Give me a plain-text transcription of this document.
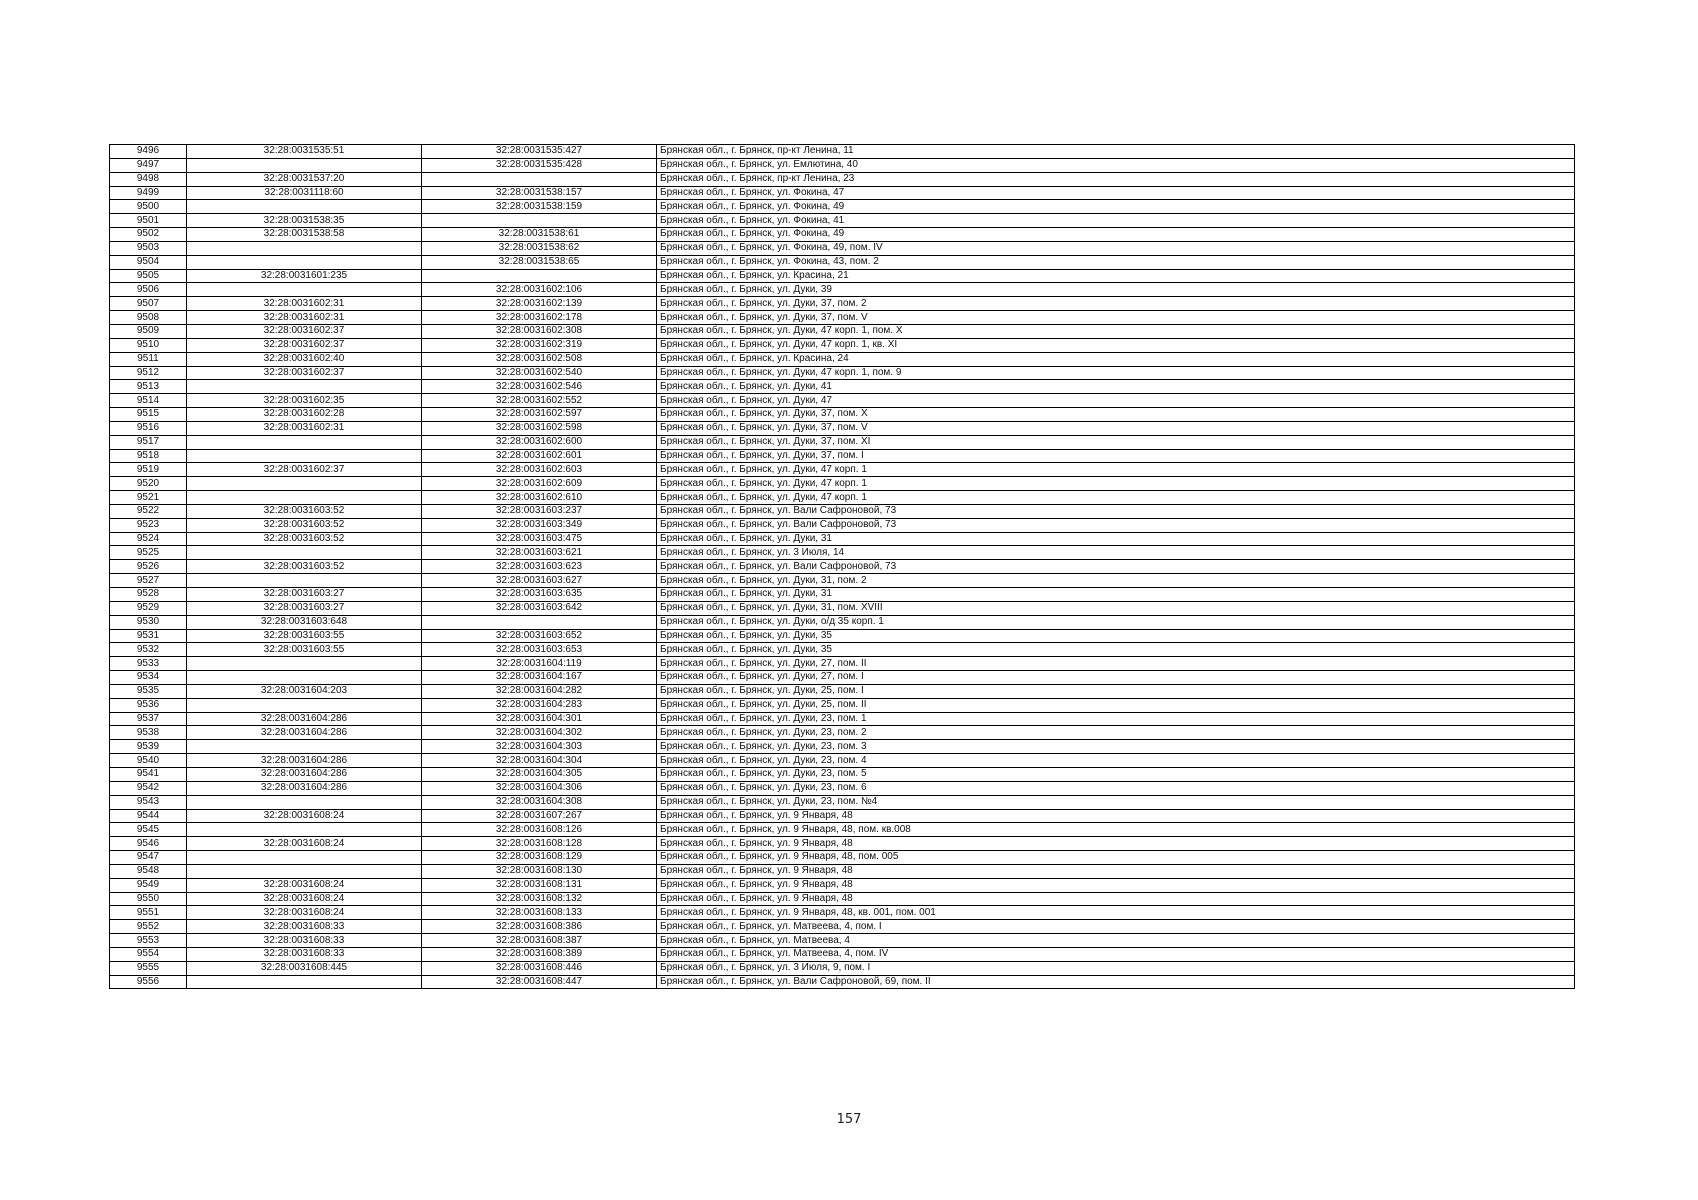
9496	32:28:0031535:51	32:28:0031535:427	Брянская обл., г. Брянск, пр-кт Ленина, 11
9497		32:28:0031535:428	Брянская обл., г. Брянск, ул. Емлютина, 40
9498	32:28:0031537:20		Брянская обл., г. Брянск, пр-кт Ленина, 23
9499	32:28:0031118:60	32:28:0031538:157	Брянская обл., г. Брянск, ул. Фокина, 47
9500		32:28:0031538:159	Брянская обл., г. Брянск, ул. Фокина, 49
9501	32:28:0031538:35		Брянская обл., г. Брянск, ул. Фокина, 41
9502	32:28:0031538:58	32:28:0031538:61	Брянская обл., г. Брянск, ул. Фокина, 49
9503		32:28:0031538:62	Брянская обл., г. Брянск, ул. Фокина, 49, пом. IV
9504		32:28:0031538:65	Брянская обл., г. Брянск, ул. Фокина, 43, пом. 2
9505	32:28:0031601:235		Брянская обл., г. Брянск, ул. Красина, 21
9506		32:28:0031602:106	Брянская обл., г. Брянск, ул. Дуки, 39
9507	32:28:0031602:31	32:28:0031602:139	Брянская обл., г. Брянск, ул. Дуки, 37, пом. 2
9508	32:28:0031602:31	32:28:0031602:178	Брянская обл., г. Брянск, ул. Дуки, 37, пом. V
9509	32:28:0031602:37	32:28:0031602:308	Брянская обл., г. Брянск, ул. Дуки, 47 корп. 1, пом. X
9510	32:28:0031602:37	32:28:0031602:319	Брянская обл., г. Брянск, ул. Дуки, 47 корп. 1, кв. XI
9511	32:28:0031602:40	32:28:0031602:508	Брянская обл., г. Брянск, ул. Красина, 24
9512	32:28:0031602:37	32:28:0031602:540	Брянская обл., г. Брянск, ул. Дуки, 47 корп. 1, пом. 9
9513		32:28:0031602:546	Брянская обл., г. Брянск, ул. Дуки, 41
9514	32:28:0031602:35	32:28:0031602:552	Брянская обл., г. Брянск, ул. Дуки, 47
9515	32:28:0031602:28	32:28:0031602:597	Брянская обл., г. Брянск, ул. Дуки, 37, пом. X
9516	32:28:0031602:31	32:28:0031602:598	Брянская обл., г. Брянск, ул. Дуки, 37, пом. V
9517		32:28:0031602:600	Брянская обл., г. Брянск, ул. Дуки, 37, пом. XI
9518		32:28:0031602:601	Брянская обл., г. Брянск, ул. Дуки, 37, пом. I
9519	32:28:0031602:37	32:28:0031602:603	Брянская обл., г. Брянск, ул. Дуки, 47 корп. 1
9520		32:28:0031602:609	Брянская обл., г. Брянск, ул. Дуки, 47 корп. 1
9521		32:28:0031602:610	Брянская обл., г. Брянск, ул. Дуки, 47 корп. 1
9522	32:28:0031603:52	32:28:0031603:237	Брянская обл., г. Брянск, ул. Вали Сафроновой, 73
9523	32:28:0031603:52	32:28:0031603:349	Брянская обл., г. Брянск, ул. Вали Сафроновой, 73
9524	32:28:0031603:52	32:28:0031603:475	Брянская обл., г. Брянск, ул. Дуки, 31
9525		32:28:0031603:621	Брянская обл., г. Брянск, ул. 3 Июля, 14
9526	32:28:0031603:52	32:28:0031603:623	Брянская обл., г. Брянск, ул. Вали Сафроновой, 73
9527		32:28:0031603:627	Брянская обл., г. Брянск, ул. Дуки, 31, пом. 2
9528	32:28:0031603:27	32:28:0031603:635	Брянская обл., г. Брянск, ул. Дуки, 31
9529	32:28:0031603:27	32:28:0031603:642	Брянская обл., г. Брянск, ул. Дуки, 31, пом. XVIII
9530	32:28:0031603:648		Брянская обл., г. Брянск, ул. Дуки, о/д 35 корп. 1
9531	32:28:0031603:55	32:28:0031603:652	Брянская обл., г. Брянск, ул. Дуки, 35
9532	32:28:0031603:55	32:28:0031603:653	Брянская обл., г. Брянск, ул. Дуки, 35
9533		32:28:0031604:119	Брянская обл., г. Брянск, ул. Дуки, 27, пом. II
9534		32:28:0031604:167	Брянская обл., г. Брянск, ул. Дуки, 27, пом. I
9535	32:28:0031604:203	32:28:0031604:282	Брянская обл., г. Брянск, ул. Дуки, 25, пом. I
9536		32:28:0031604:283	Брянская обл., г. Брянск, ул. Дуки, 25, пом. II
9537	32:28:0031604:286	32:28:0031604:301	Брянская обл., г. Брянск, ул. Дуки, 23, пом. 1
9538	32:28:0031604:286	32:28:0031604:302	Брянская обл., г. Брянск, ул. Дуки, 23, пом. 2
9539		32:28:0031604:303	Брянская обл., г. Брянск, ул. Дуки, 23, пом. 3
9540	32:28:0031604:286	32:28:0031604:304	Брянская обл., г. Брянск, ул. Дуки, 23, пом. 4
9541	32:28:0031604:286	32:28:0031604:305	Брянская обл., г. Брянск, ул. Дуки, 23, пом. 5
9542	32:28:0031604:286	32:28:0031604:306	Брянская обл., г. Брянск, ул. Дуки, 23, пом. 6
9543		32:28:0031604:308	Брянская обл., г. Брянск, ул. Дуки, 23, пом. №4
9544	32:28:0031608:24	32:28:0031607:267	Брянская обл., г. Брянск, ул. 9 Января, 48
9545		32:28:0031608:126	Брянская обл., г. Брянск, ул. 9 Января, 48, пом. кв.008
9546	32:28:0031608:24	32:28:0031608:128	Брянская обл., г. Брянск, ул. 9 Января, 48
9547		32:28:0031608:129	Брянская обл., г. Брянск, ул. 9 Января, 48, пом. 005
9548		32:28:0031608:130	Брянская обл., г. Брянск, ул. 9 Января, 48
9549	32:28:0031608:24	32:28:0031608:131	Брянская обл., г. Брянск, ул. 9 Января, 48
9550	32:28:0031608:24	32:28:0031608:132	Брянская обл., г. Брянск, ул. 9 Января, 48
9551	32:28:0031608:24	32:28:0031608:133	Брянская обл., г. Брянск, ул. 9 Января, 48, кв. 001, пом. 001
9552	32:28:0031608:33	32:28:0031608:386	Брянская обл., г. Брянск, ул. Матвеева, 4, пом. I
9553	32:28:0031608:33	32:28:0031608:387	Брянская обл., г. Брянск, ул. Матвеева, 4
9554	32:28:0031608:33	32:28:0031608:389	Брянская обл., г. Брянск, ул. Матвеева, 4, пом. IV
9555	32:28:0031608:445	32:28:0031608:446	Брянская обл., г. Брянск, ул. 3 Июля, 9, пом. I
9556		32:28:0031608:447	Брянская обл., г. Брянск, ул. Вали Сафроновой, 69, пом. II
157
